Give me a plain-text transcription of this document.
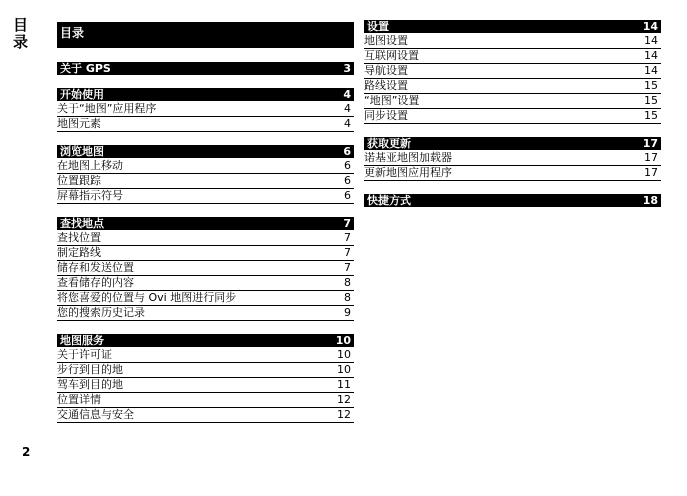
目录	目录
关于 GPS	3
开始使用	4
关于“地图”应用程序	4
地图元素	4
浏览地图	6
在地图上移动	6
位置跟踪	6
屏幕指示符号	6
查找地点	7
查找位置	7
制定路线	7
储存和发送位置	7
查看储存的内容	8
将您喜爱的位置与 Ovi 地图进行同步	8
您的搜索历史记录	9
地图服务	10
关于许可证	10
步行到目的地	10
驾车到目的地	11
位置详情	12
交通信息与安全	12
设置	14
地图设置	14
互联网设置	14
导航设置	14
路线设置	15
“地图”设置	15
同步设置	15
获取更新	17
诺基亚地图加载器	17
更新地图应用程序	17
快捷方式	18
2
